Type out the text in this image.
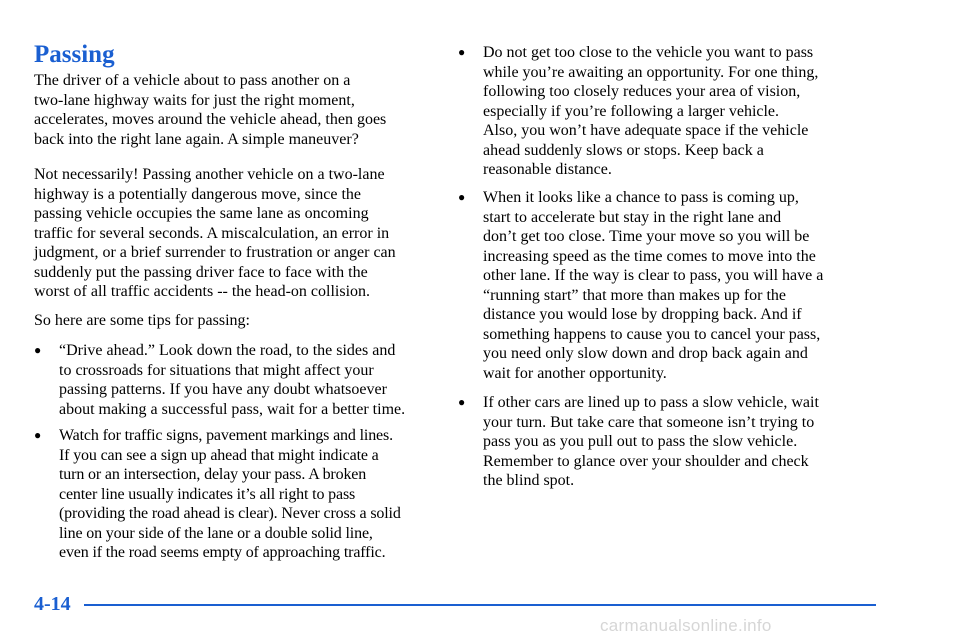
Passing

The driver of a vehicle about to pass another on a
two‑lane highway waits for just the right moment,
accelerates, moves around the vehicle ahead, then goes
back into the right lane again. A simple maneuver?

Not necessarily! Passing another vehicle on a two‑lane
highway is a potentially dangerous move, since the
passing vehicle occupies the same lane as oncoming
traffic for several seconds. A miscalculation, an error in
judgment, or a brief surrender to frustration or anger can
suddenly put the passing driver face to face with the
worst of all traffic accidents ‑‑ the head‑on collision.

So here are some tips for passing:

● “Drive ahead.” Look down the road, to the sides and
to crossroads for situations that might affect your
passing patterns. If you have any doubt whatsoever
about making a successful pass, wait for a better time.
● Watch for traffic signs, pavement markings and lines.
If you can see a sign up ahead that might indicate a
turn or an intersection, delay your pass. A broken
center line usually indicates it’s all right to pass
(providing the road ahead is clear). Never cross a solid
line on your side of the lane or a double solid line,
even if the road seems empty of approaching traffic.
● Do not get too close to the vehicle you want to pass
while you’re awaiting an opportunity. For one thing,
following too closely reduces your area of vision,
especially if you’re following a larger vehicle.
Also, you won’t have adequate space if the vehicle
ahead suddenly slows or stops. Keep back a
reasonable distance.
● When it looks like a chance to pass is coming up,
start to accelerate but stay in the right lane and
don’t get too close. Time your move so you will be
increasing speed as the time comes to move into the
other lane. If the way is clear to pass, you will have a
“running start” that more than makes up for the
distance you would lose by dropping back. And if
something happens to cause you to cancel your pass,
you need only slow down and drop back again and
wait for another opportunity.
● If other cars are lined up to pass a slow vehicle, wait
your turn. But take care that someone isn’t trying to
pass you as you pull out to pass the slow vehicle.
Remember to glance over your shoulder and check
the blind spot.
4-14
carmanualsonline.info
